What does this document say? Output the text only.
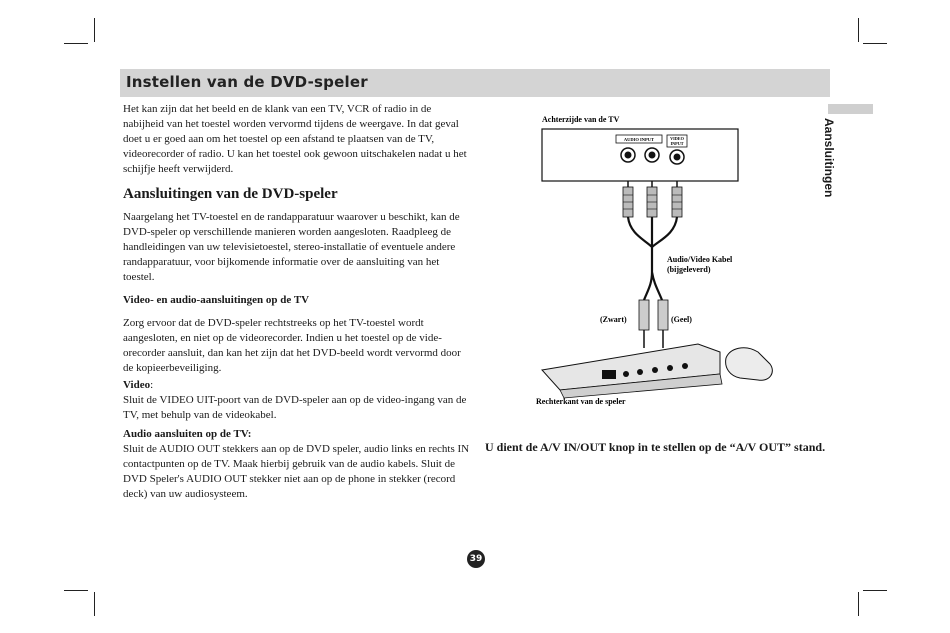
Instellen van de DVD-speler
Aansluitingen

Het kan zijn dat het beeld en de klank van een TV, VCR of radio in de nabijheid van het toestel worden vervormd tijdens de weergave. In dat geval doet u er goed aan om het toestel op een afstand te plaatsen van de TV, videorecorder of radio. U kan het toestel ook gewoon uitschakelen nadat u het schijfje heeft verwijderd.

Aansluitingen van de DVD-speler

Naargelang het TV-toestel en de randapparatuur waarover u beschikt, kan de DVD-speler op verschillende manieren worden aangesloten. Raadpleeg de handleidingen van uw televisietoestel, stereo-installatie of eventuele andere randapparatuur, voor bijkomende informatie over de aansluiting van het toestel.

Video- en audio-aansluitingen op de TV

Zorg ervoor dat de DVD-speler rechtstreeks op het TV-toestel wordt aangesloten, en niet op de videorecorder. Indien u het toestel op de vide-orecorder aansluit, dan kan het zijn dat het DVD-beeld wordt vervormd door de kopieerbeveiliging.

Video:
Sluit de VIDEO UIT-poort van de DVD-speler aan op de video-ingang van de TV, met behulp van de videokabel.

Audio aansluiten op de TV:
Sluit de AUDIO OUT stekkers aan op de DVD speler, audio links en rechts IN contactpunten op de TV. Maak hierbij gebruik van de audio kabels. Sluit de DVD Speler's AUDIO OUT stekker niet aan op de phone in stekker (record deck) van uw audiosysteem.

Achterzijde van de TV
AUDIO INPUT	VIDEO
INPUT
Audio/Video Kabel
(bijgeleverd)
(Zwart)	(Geel)
Rechterkant van de speler
U dient de A/V IN/OUT knop in te stellen op de “A/V OUT” stand.
39
